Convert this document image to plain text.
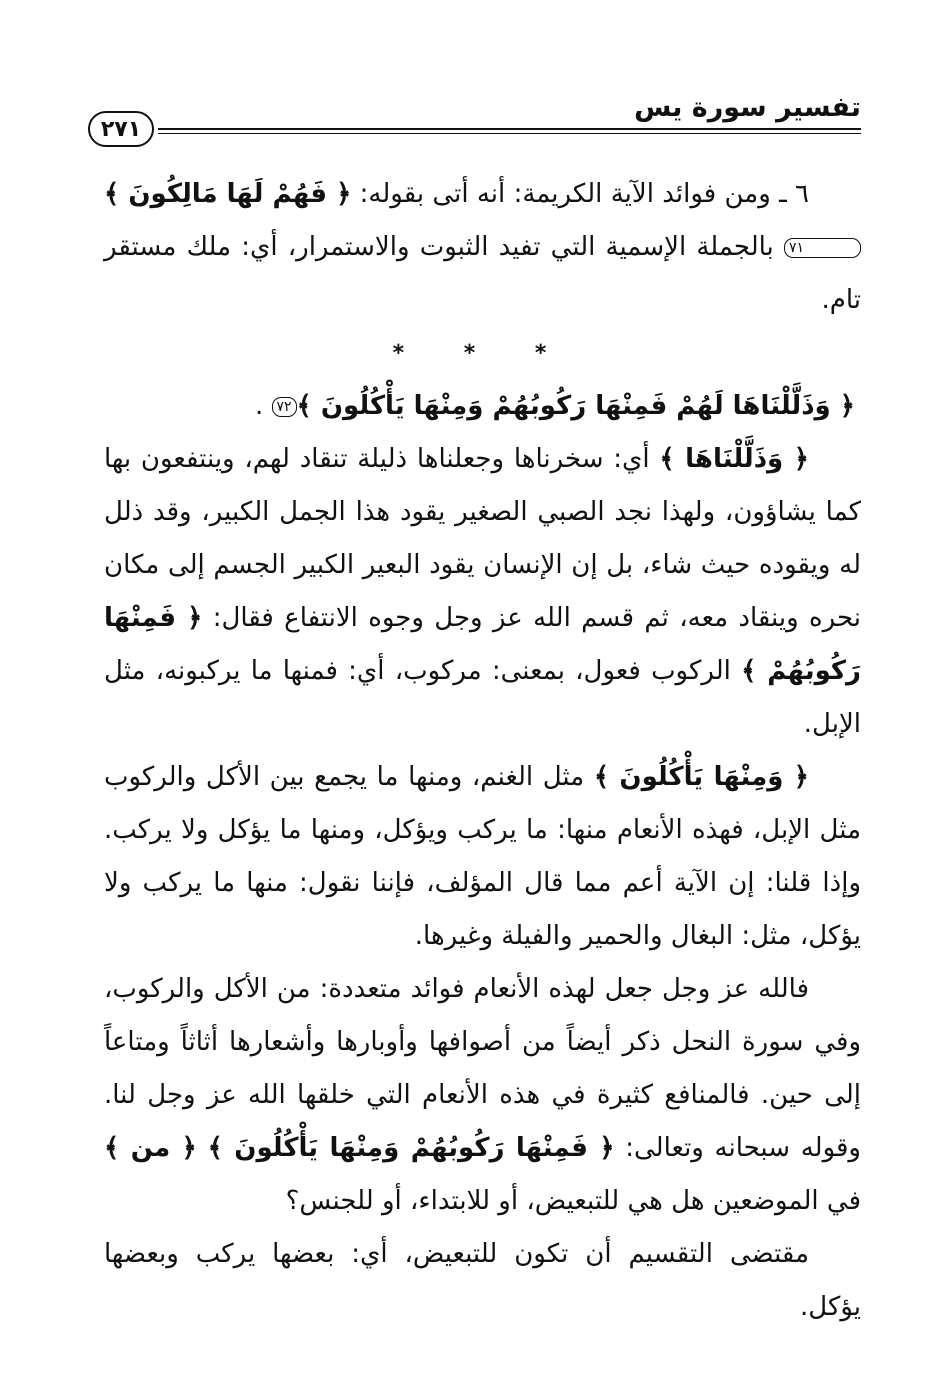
تفسير سورة يس
٢٧١

٦ ـ ومن فوائد الآية الكريمة: أنه أتى بقوله: ﴿ فَهُمْ لَهَا مَالِكُونَ ﴾٧١ بالجملة الإسمية التي تفيد الثبوت والاستمرار، أي: ملك مستقر تام.

* * *

﴿ وَذَلَّلْنَاهَا لَهُمْ فَمِنْهَا رَكُوبُهُمْ وَمِنْهَا يَأْكُلُونَ ﴾٧٢ .

﴿ وَذَلَّلْنَاهَا ﴾ أي: سخرناها وجعلناها ذليلة تنقاد لهم، وينتفعون بها كما يشاؤون، ولهذا نجد الصبي الصغير يقود هذا الجمل الكبير، وقد ذلل له ويقوده حيث شاء، بل إن الإنسان يقود البعير الكبير الجسم إلى مكان نحره وينقاد معه، ثم قسم الله عز وجل وجوه الانتفاع فقال: ﴿ فَمِنْهَا رَكُوبُهُمْ ﴾ الركوب فعول، بمعنى: مركوب، أي: فمنها ما يركبونه، مثل الإبل.

﴿ وَمِنْهَا يَأْكُلُونَ ﴾ مثل الغنم، ومنها ما يجمع بين الأكل والركوب مثل الإبل، فهذه الأنعام منها: ما يركب ويؤكل، ومنها ما يؤكل ولا يركب. وإذا قلنا: إن الآية أعم مما قال المؤلف، فإننا نقول: منها ما يركب ولا يؤكل، مثل: البغال والحمير والفيلة وغيرها.

فالله عز وجل جعل لهذه الأنعام فوائد متعددة: من الأكل والركوب، وفي سورة النحل ذكر أيضاً من أصوافها وأوبارها وأشعارها أثاثاً ومتاعاً إلى حين. فالمنافع كثيرة في هذه الأنعام التي خلقها الله عز وجل لنا. وقوله سبحانه وتعالى: ﴿ فَمِنْهَا رَكُوبُهُمْ وَمِنْهَا يَأْكُلُونَ ﴾ ﴿ من ﴾ في الموضعين هل هي للتبعيض، أو للابتداء، أو للجنس؟

مقتضى التقسيم أن تكون للتبعيض، أي: بعضها يركب وبعضها يؤكل.
